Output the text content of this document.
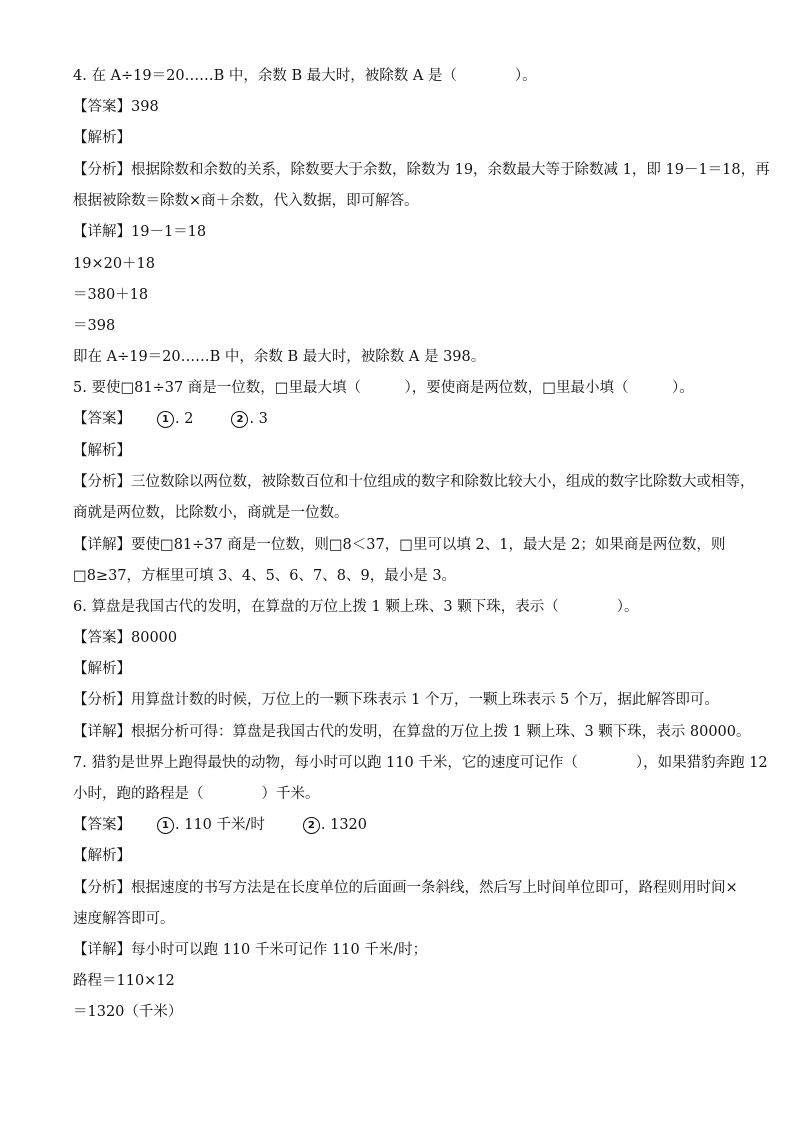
4. 在 A÷19＝20……B 中，余数 B 最大时，被除数 A 是（　　　　）。
【答案】398
【解析】
【分析】根据除数和余数的关系，除数要大于余数，除数为 19，余数最大等于除数减 1，即 19－1＝18，再
根据被除数＝除数×商＋余数，代入数据，即可解答。
【详解】19－1＝18
19×20＋18
＝380＋18
＝398
即在 A÷19＝20……B 中，余数 B 最大时，被除数 A 是 398。
5. 要使□81÷37 商是一位数，□里最大填（　　　），要使商是两位数，□里最小填（　　　）。
【答案】	1 . 2	2 . 3
【解析】
【分析】三位数除以两位数，被除数百位和十位组成的数字和除数比较大小，组成的数字比除数大或相等，
商就是两位数，比除数小，商就是一位数。
【详解】要使□81÷37 商是一位数，则□8＜37，□里可以填 2、1，最大是 2；如果商是两位数，则
□8≥37，方框里可填 3、4、5、6、7、8、9，最小是 3。
6. 算盘是我国古代的发明，在算盘的万位上拨 1 颗上珠、3 颗下珠，表示（　　　　）。
【答案】80000
【解析】
【分析】用算盘计数的时候，万位上的一颗下珠表示 1 个万，一颗上珠表示 5 个万，据此解答即可。
【详解】根据分析可得：算盘是我国古代的发明，在算盘的万位上拨 1 颗上珠、3 颗下珠，表示 80000。
7. 猎豹是世界上跑得最快的动物，每小时可以跑 110 千米，它的速度可记作（　　　　），如果猎豹奔跑 12
小时，跑的路程是（　　　　）千米。
【答案】	1 . 110 千米/时	2 . 1320
【解析】
【分析】根据速度的书写方法是在长度单位的后面画一条斜线，然后写上时间单位即可，路程则用时间×
速度解答即可。
【详解】每小时可以跑 110 千米可记作 110 千米/时；
路程＝110×12
＝1320（千米）
